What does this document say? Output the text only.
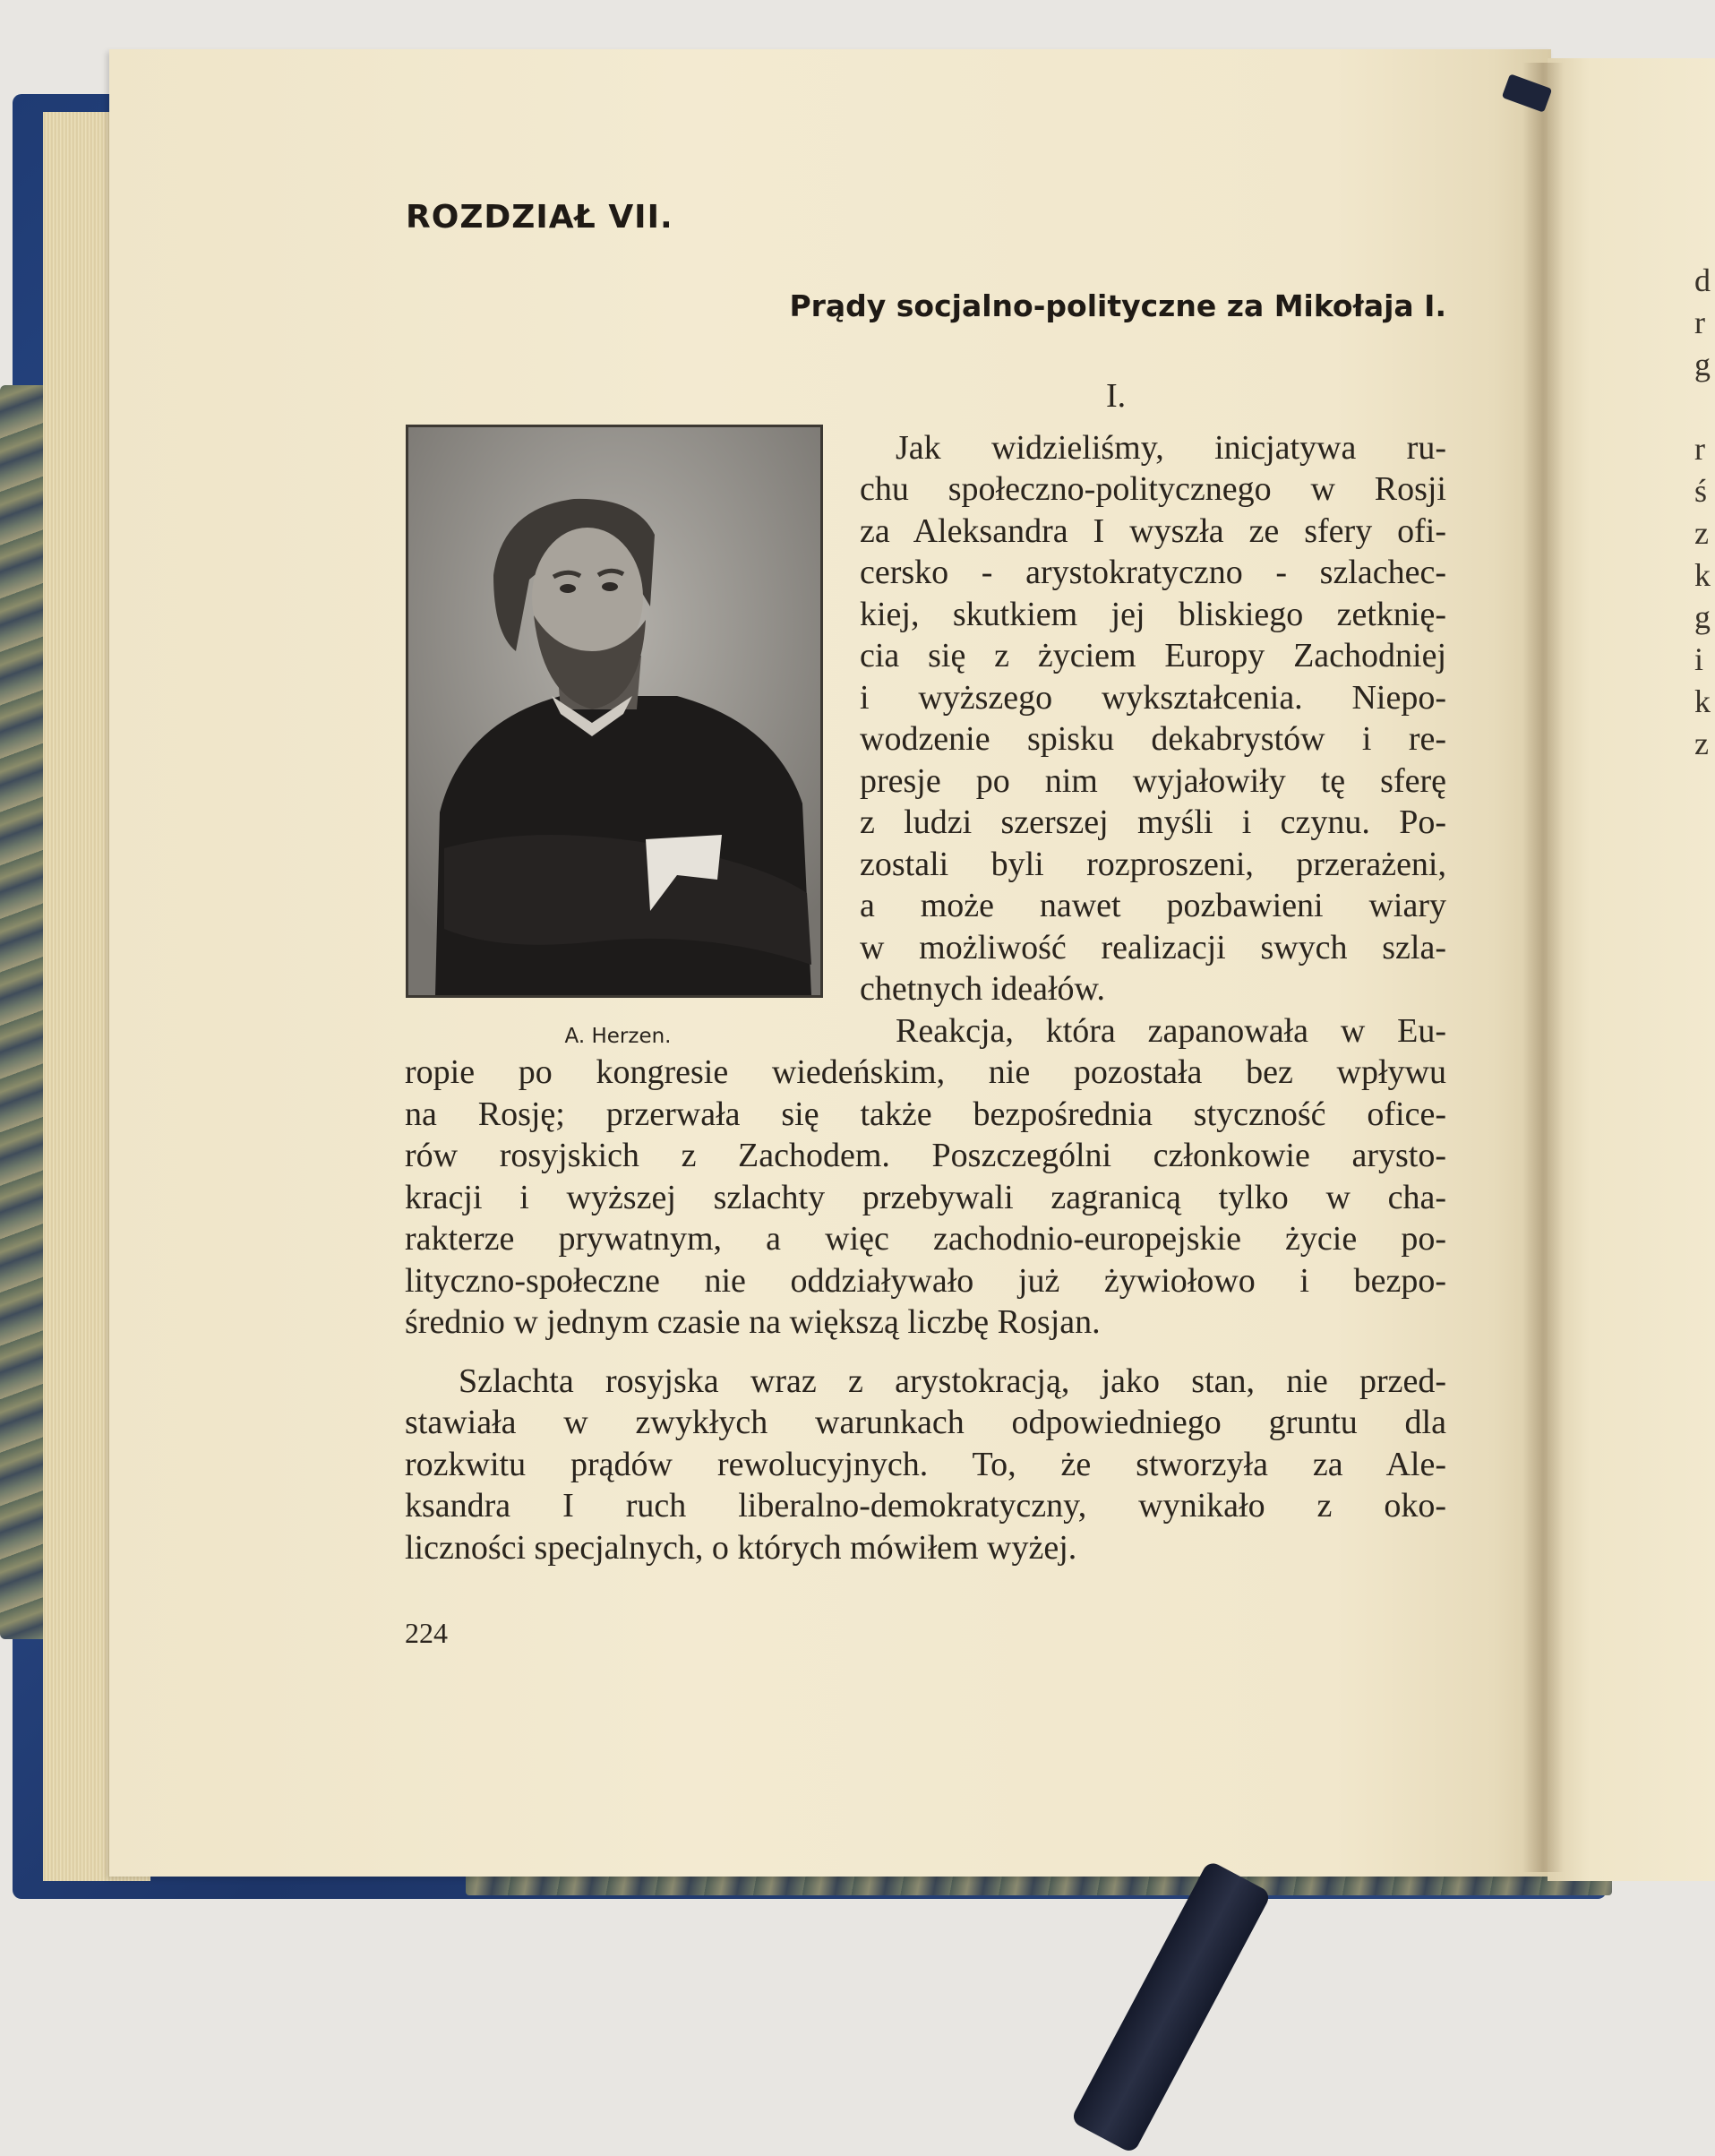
d
r
g

r
ś
z
k
g
i
k
z
ROZDZIAŁ VII.
Prądy socjalno-polityczne za Mikołaja I.
I.
A. Herzen.
Jak widzieliśmy, inicjatywa ru-
chu społeczno-politycznego w Rosji
za Aleksandra I wyszła ze sfery ofi-
cersko - arystokratyczno - szlachec-
kiej, skutkiem jej bliskiego zetknię-
cia się z życiem Europy Zachodniej
i wyższego wykształcenia. Niepo-
wodzenie spisku dekabrystów i re-
presje po nim wyjałowiły tę sferę
z ludzi szerszej myśli i czynu. Po-
zostali byli rozproszeni, przerażeni,
a może nawet pozbawieni wiary
w możliwość realizacji swych szla-
chetnych ideałów.
Reakcja, która zapanowała w Eu-
ropie po kongresie wiedeńskim, nie pozostała bez wpływu
na Rosję; przerwała się także bezpośrednia styczność ofice-
rów rosyjskich z Zachodem. Poszczególni członkowie arysto-
kracji i wyższej szlachty przebywali zagranicą tylko w cha-
rakterze prywatnym, a więc zachodnio-europejskie życie po-
lityczno-społeczne nie oddziaływało już żywiołowo i bezpo-
średnio w jednym czasie na większą liczbę Rosjan.
Szlachta rosyjska wraz z arystokracją, jako stan, nie przed-
stawiała w zwykłych warunkach odpowiedniego gruntu dla
rozkwitu prądów rewolucyjnych. To, że stworzyła za Ale-
ksandra I ruch liberalno-demokratyczny, wynikało z oko-
liczności specjalnych, o których mówiłem wyżej.
224
